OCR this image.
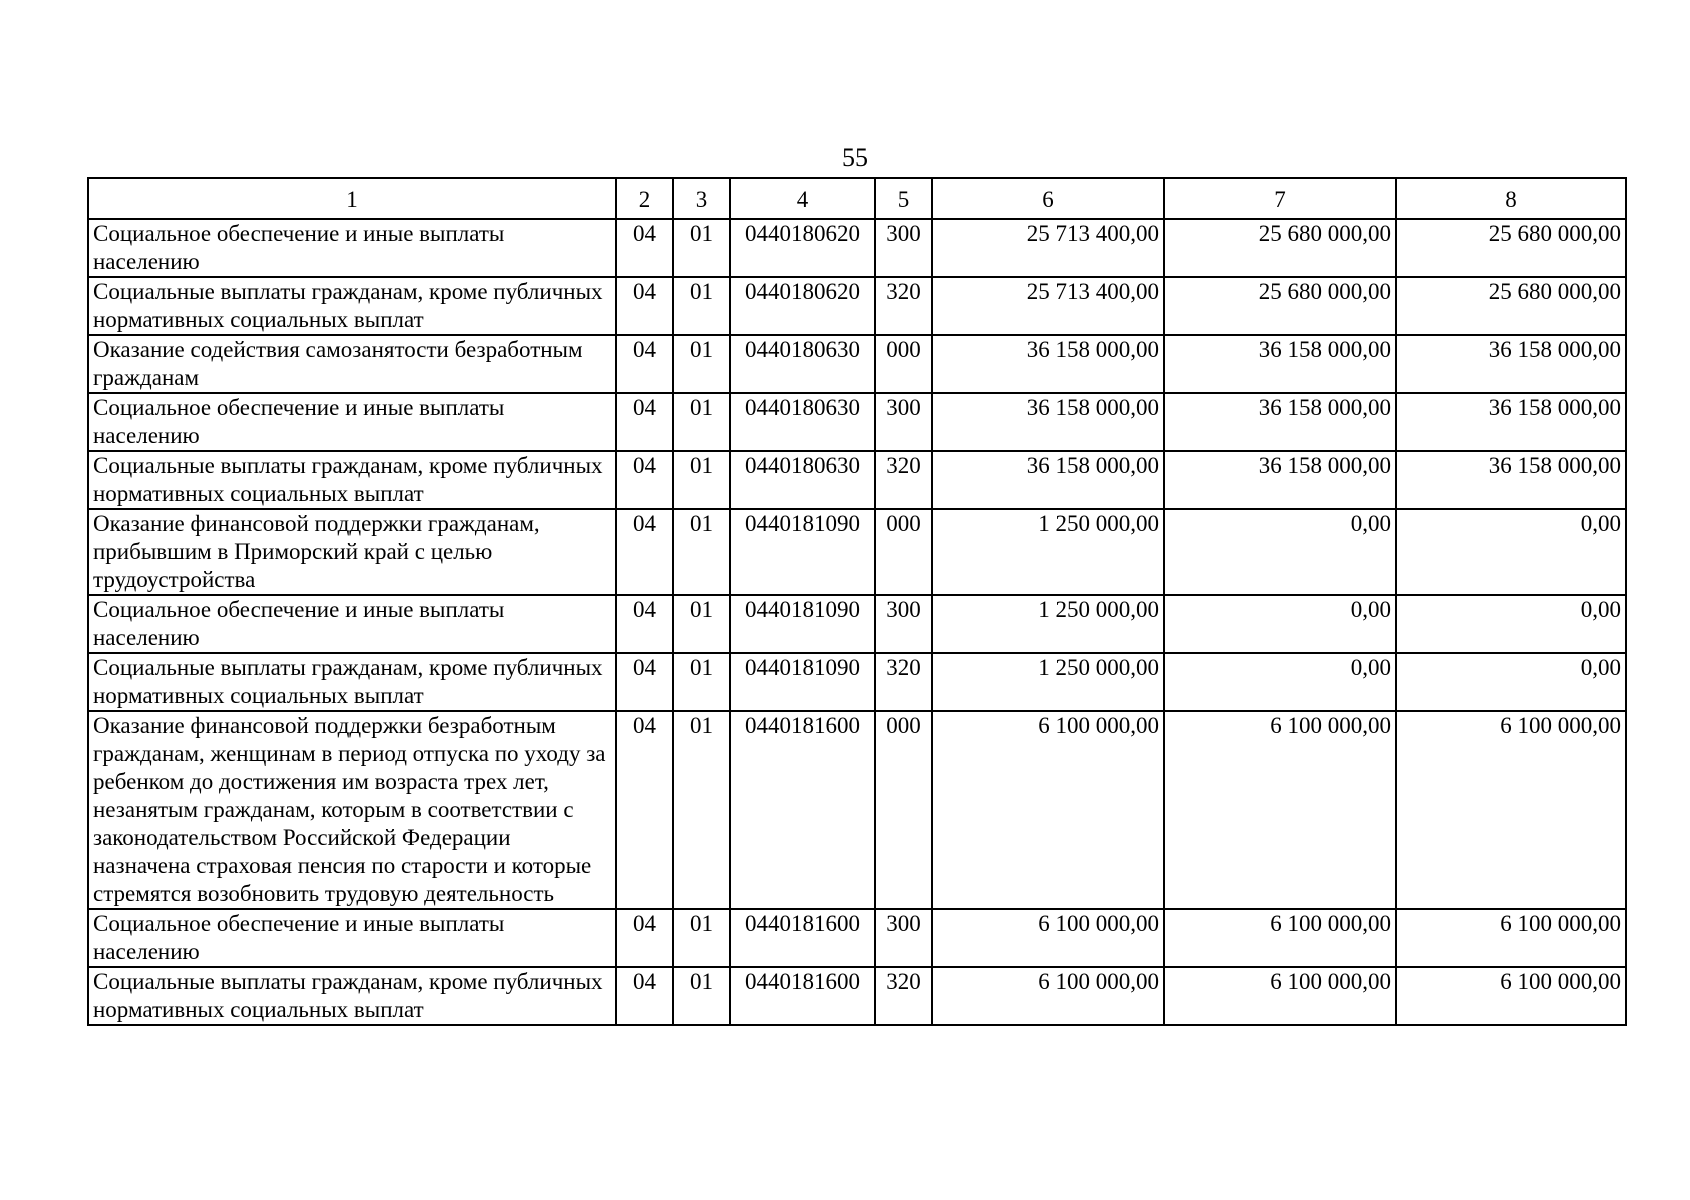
55
1	2	3	4	5	6	7	8
Социальное обеспечение и иные выплаты населению	04	01	0440180620	300	25 713 400,00	25 680 000,00	25 680 000,00
Социальные выплаты гражданам, кроме публичных нормативных социальных выплат	04	01	0440180620	320	25 713 400,00	25 680 000,00	25 680 000,00
Оказание содействия самозанятости безработным гражданам	04	01	0440180630	000	36 158 000,00	36 158 000,00	36 158 000,00
Социальное обеспечение и иные выплаты населению	04	01	0440180630	300	36 158 000,00	36 158 000,00	36 158 000,00
Социальные выплаты гражданам, кроме публичных нормативных социальных выплат	04	01	0440180630	320	36 158 000,00	36 158 000,00	36 158 000,00
Оказание финансовой поддержки гражданам, прибывшим в Приморский край с целью трудоустройства	04	01	0440181090	000	1 250 000,00	0,00	0,00
Социальное обеспечение и иные выплаты населению	04	01	0440181090	300	1 250 000,00	0,00	0,00
Социальные выплаты гражданам, кроме публичных нормативных социальных выплат	04	01	0440181090	320	1 250 000,00	0,00	0,00
Оказание финансовой поддержки безработным гражданам, женщинам в период отпуска по уходу за ребенком до достижения им возраста трех лет, незанятым гражданам, которым в соответствии с законодательством Российской Федерации назначена страховая пенсия по старости и которые стремятся возобновить трудовую деятельность	04	01	0440181600	000	6 100 000,00	6 100 000,00	6 100 000,00
Социальное обеспечение и иные выплаты населению	04	01	0440181600	300	6 100 000,00	6 100 000,00	6 100 000,00
Социальные выплаты гражданам, кроме публичных нормативных социальных выплат	04	01	0440181600	320	6 100 000,00	6 100 000,00	6 100 000,00
